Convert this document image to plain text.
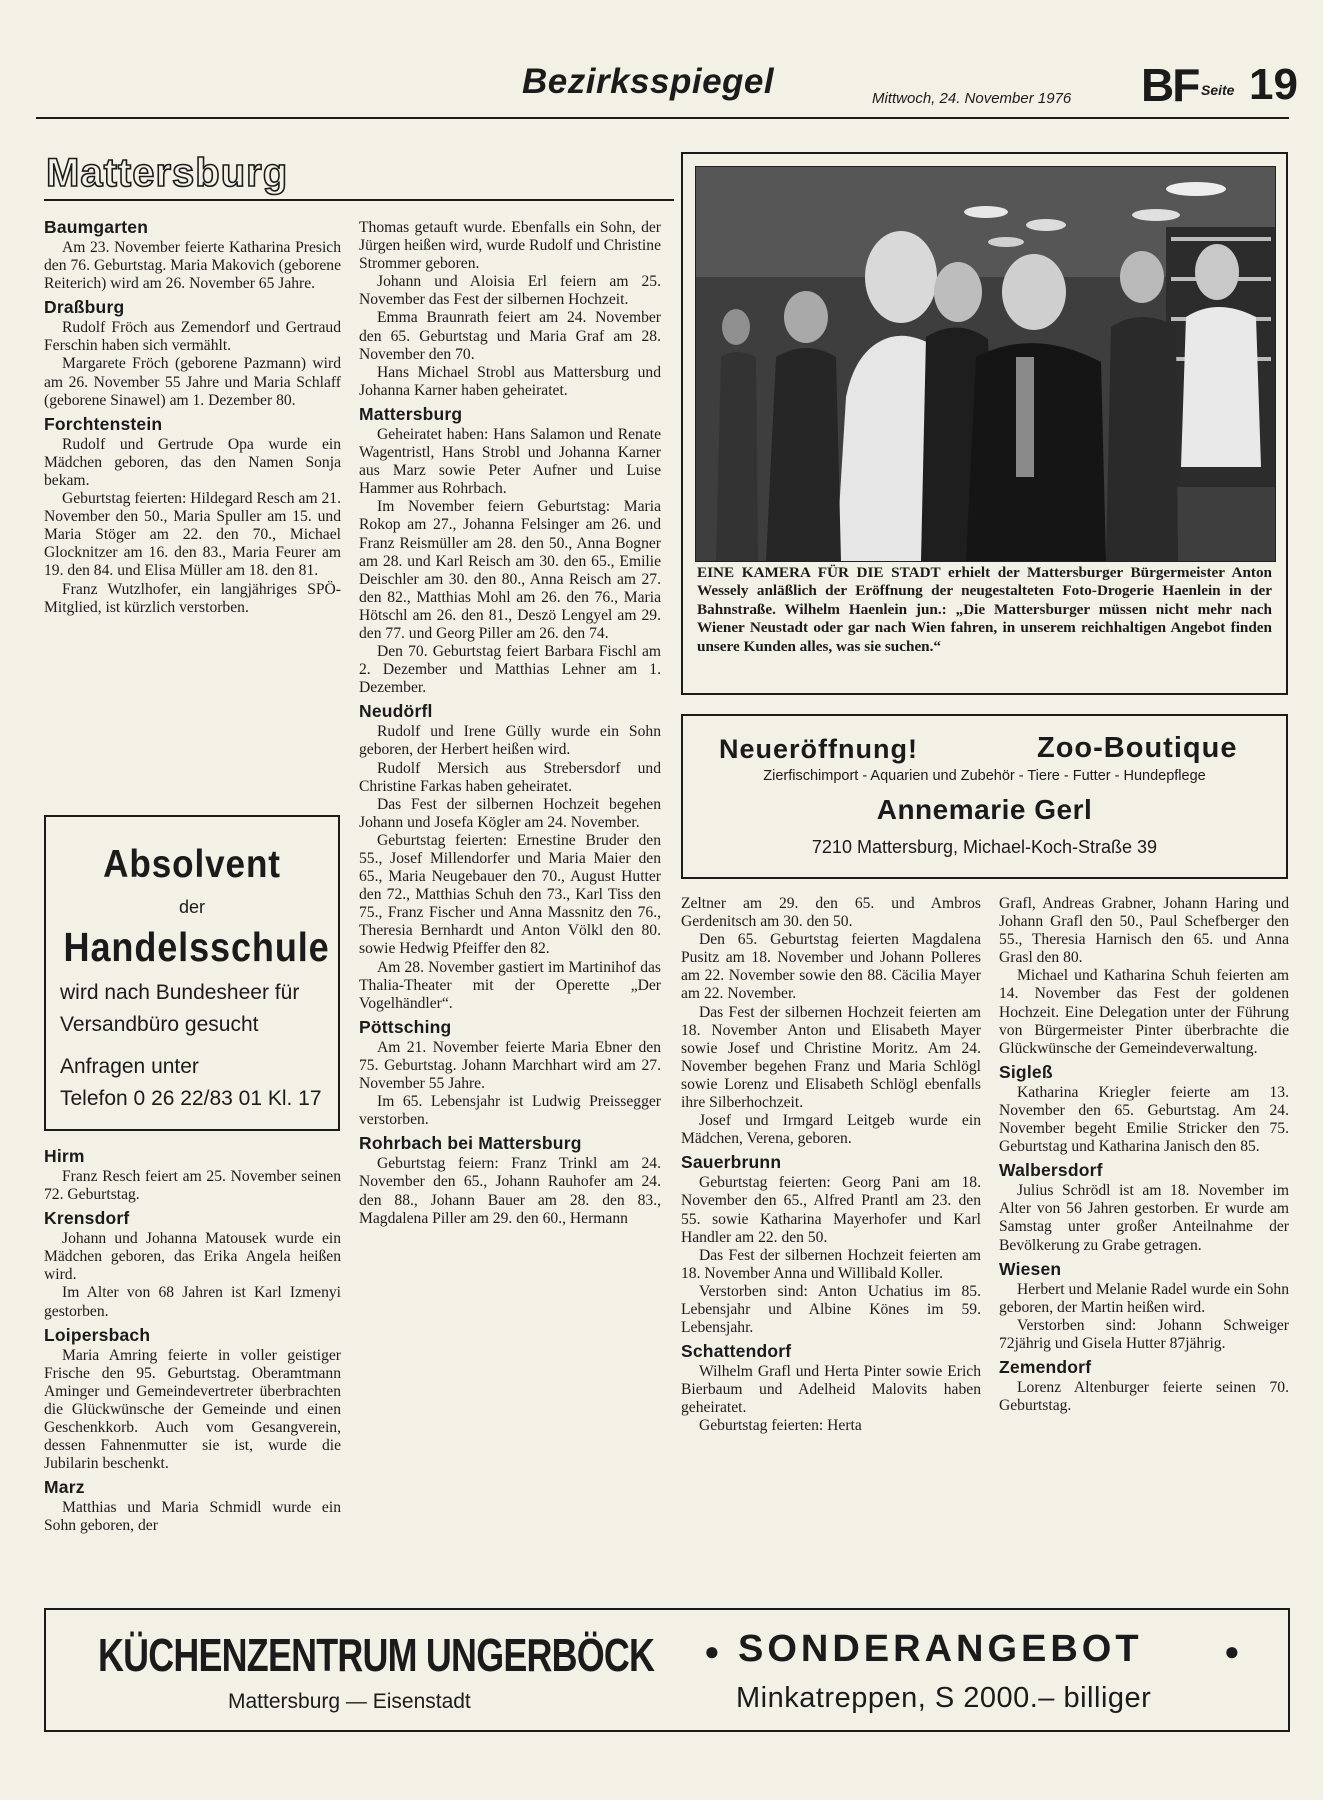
Bezirksspiegel	Mittwoch, 24. November 1976 BF Seite 19
Mattersburg
Baumgarten

Am 23. November feierte Katharina Presich den 76. Geburtstag. Maria Makovich (geborene Reiterich) wird am 26. November 65 Jahre.

Draßburg

Rudolf Fröch aus Zemendorf und Gertraud Ferschin haben sich vermählt.

Margarete Fröch (geborene Pazmann) wird am 26. November 55 Jahre und Maria Schlaff (geborene Sinawel) am 1. Dezember 80.

Forchtenstein

Rudolf und Gertrude Opa wurde ein Mädchen geboren, das den Namen Sonja bekam.

Geburtstag feierten: Hildegard Resch am 21. November den 50., Maria Spuller am 15. und Maria Stöger am 22. den 70., Michael Glocknitzer am 16. den 83., Maria Feurer am 19. den 84. und Elisa Müller am 18. den 81.

Franz Wutzlhofer, ein langjähriges SPÖ-Mitglied, ist kürzlich verstorben.

Absolvent
der
Handelsschule
wird nach Bundesheer für
Versandbüro gesucht
Anfragen unter
Telefon 0 26 22/83 01 Kl. 17
Hirm

Franz Resch feiert am 25. November seinen 72. Geburtstag.

Krensdorf

Johann und Johanna Matousek wurde ein Mädchen geboren, das Erika Angela heißen wird.

Im Alter von 68 Jahren ist Karl Izmenyi gestorben.

Loipersbach

Maria Amring feierte in voller geistiger Frische den 95. Geburtstag. Oberamtmann Aminger und Gemeindevertreter überbrachten die Glückwünsche der Gemeinde und einen Geschenkkorb. Auch vom Gesangverein, dessen Fahnenmutter sie ist, wurde die Jubilarin beschenkt.

Marz

Matthias und Maria Schmidl wurde ein Sohn geboren, der

Thomas getauft wurde. Ebenfalls ein Sohn, der Jürgen heißen wird, wurde Rudolf und Christine Strommer geboren.

Johann und Aloisia Erl feiern am 25. November das Fest der silbernen Hochzeit.

Emma Braunrath feiert am 24. November den 65. Geburtstag und Maria Graf am 28. November den 70.

Hans Michael Strobl aus Mattersburg und Johanna Karner haben geheiratet.

Mattersburg

Geheiratet haben: Hans Salamon und Renate Wagentristl, Hans Strobl und Johanna Karner aus Marz sowie Peter Aufner und Luise Hammer aus Rohrbach.

Im November feiern Geburtstag: Maria Rokop am 27., Johanna Felsinger am 26. und Franz Reismüller am 28. den 50., Anna Bogner am 28. und Karl Reisch am 30. den 65., Emilie Deischler am 30. den 80., Anna Reisch am 27. den 82., Matthias Mohl am 26. den 76., Maria Hötschl am 26. den 81., Deszö Lengyel am 29. den 77. und Georg Piller am 26. den 74.

Den 70. Geburtstag feiert Barbara Fischl am 2. Dezember und Matthias Lehner am 1. Dezember.

Neudörfl

Rudolf und Irene Güllу wurde ein Sohn geboren, der Herbert heißen wird.

Rudolf Mersich aus Strebersdorf und Christine Farkas haben geheiratet.

Das Fest der silbernen Hochzeit begehen Johann und Josefa Kögler am 24. November.

Geburtstag feierten: Ernestine Bruder den 55., Josef Millendorfer und Maria Maier den 65., Maria Neugebauer den 70., August Hutter den 72., Matthias Schuh den 73., Karl Tiss den 75., Franz Fischer und Anna Massnitz den 76., Theresia Bernhardt und Anton Völkl den 80. sowie Hedwig Pfeiffer den 82.

Am 28. November gastiert im Martinihof das Thalia-Theater mit der Operette „Der Vogelhändler“.

Pöttsching

Am 21. November feierte Maria Ebner den 75. Geburtstag. Johann Marchhart wird am 27. November 55 Jahre.

Im 65. Lebensjahr ist Ludwig Preissegger verstorben.

Rohrbach bei Mattersburg

Geburtstag feiern: Franz Trinkl am 24. November den 65., Johann Rauhofer am 24. den 88., Johann Bauer am 28. den 83., Magdalena Piller am 29. den 60., Hermann

EINE KAMERA FÜR DIE STADT erhielt der Mattersburger Bürgermeister Anton Wessely anläßlich der Eröffnung der neugestalteten Foto-Drogerie Haenlein in der Bahnstraße. Wilhelm Haenlein jun.: „Die Mattersburger müssen nicht mehr nach Wiener Neustadt oder gar nach Wien fahren, in unserem reichhaltigen Angebot finden unsere Kunden alles, was sie suchen.“
Neueröffnung!	Zoo-Boutique
Zierfischimport - Aquarien und Zubehör - Tiere - Futter - Hundepflege
Annemarie Gerl
7210 Mattersburg, Michael-Koch-Straße 39

Zeltner am 29. den 65. und Ambros Gerdenitsch am 30. den 50.

Den 65. Geburtstag feierten Magdalena Pusitz am 18. November und Johann Polleres am 22. November sowie den 88. Cäcilia Mayer am 22. November.

Das Fest der silbernen Hochzeit feierten am 18. November Anton und Elisabeth Mayer sowie Josef und Christine Moritz. Am 24. November begehen Franz und Maria Schlögl sowie Lorenz und Elisabeth Schlögl ebenfalls ihre Silberhochzeit.

Josef und Irmgard Leitgeb wurde ein Mädchen, Verena, geboren.

Sauerbrunn

Geburtstag feierten: Georg Pani am 18. November den 65., Alfred Prantl am 23. den 55. sowie Katharina Mayerhofer und Karl Handler am 22. den 50.

Das Fest der silbernen Hochzeit feierten am 18. November Anna und Willibald Koller.

Verstorben sind: Anton Uchatius im 85. Lebensjahr und Albine Könes im 59. Lebensjahr.

Schattendorf

Wilhelm Grafl und Herta Pinter sowie Erich Bierbaum und Adelheid Malovits haben geheiratet.

Geburtstag feierten: Herta

Grafl, Andreas Grabner, Johann Haring und Johann Grafl den 50., Paul Schefberger den 55., Theresia Harnisch den 65. und Anna Grasl den 80.

Michael und Katharina Schuh feierten am 14. November das Fest der goldenen Hochzeit. Eine Delegation unter der Führung von Bürgermeister Pinter überbrachte die Glückwünsche der Gemeindeverwaltung.

Sigleß

Katharina Kriegler feierte am 13. November den 65. Geburtstag. Am 24. November begeht Emilie Stricker den 75. Geburtstag und Katharina Janisch den 85.

Walbersdorf

Julius Schrödl ist am 18. November im Alter von 56 Jahren gestorben. Er wurde am Samstag unter großer Anteilnahme der Bevölkerung zu Grabe getragen.

Wiesen

Herbert und Melanie Radel wurde ein Sohn geboren, der Martin heißen wird.

Verstorben sind: Johann Schweiger 72jährig und Gisela Hutter 87jährig.

Zemendorf

Lorenz Altenburger feierte seinen 70. Geburtstag.

KÜCHENZENTRUM UNGERBÖCK
Mattersburg — Eisenstadt
● SONDERANGEBOT	●
Minkatreppen, S 2000.– billiger
